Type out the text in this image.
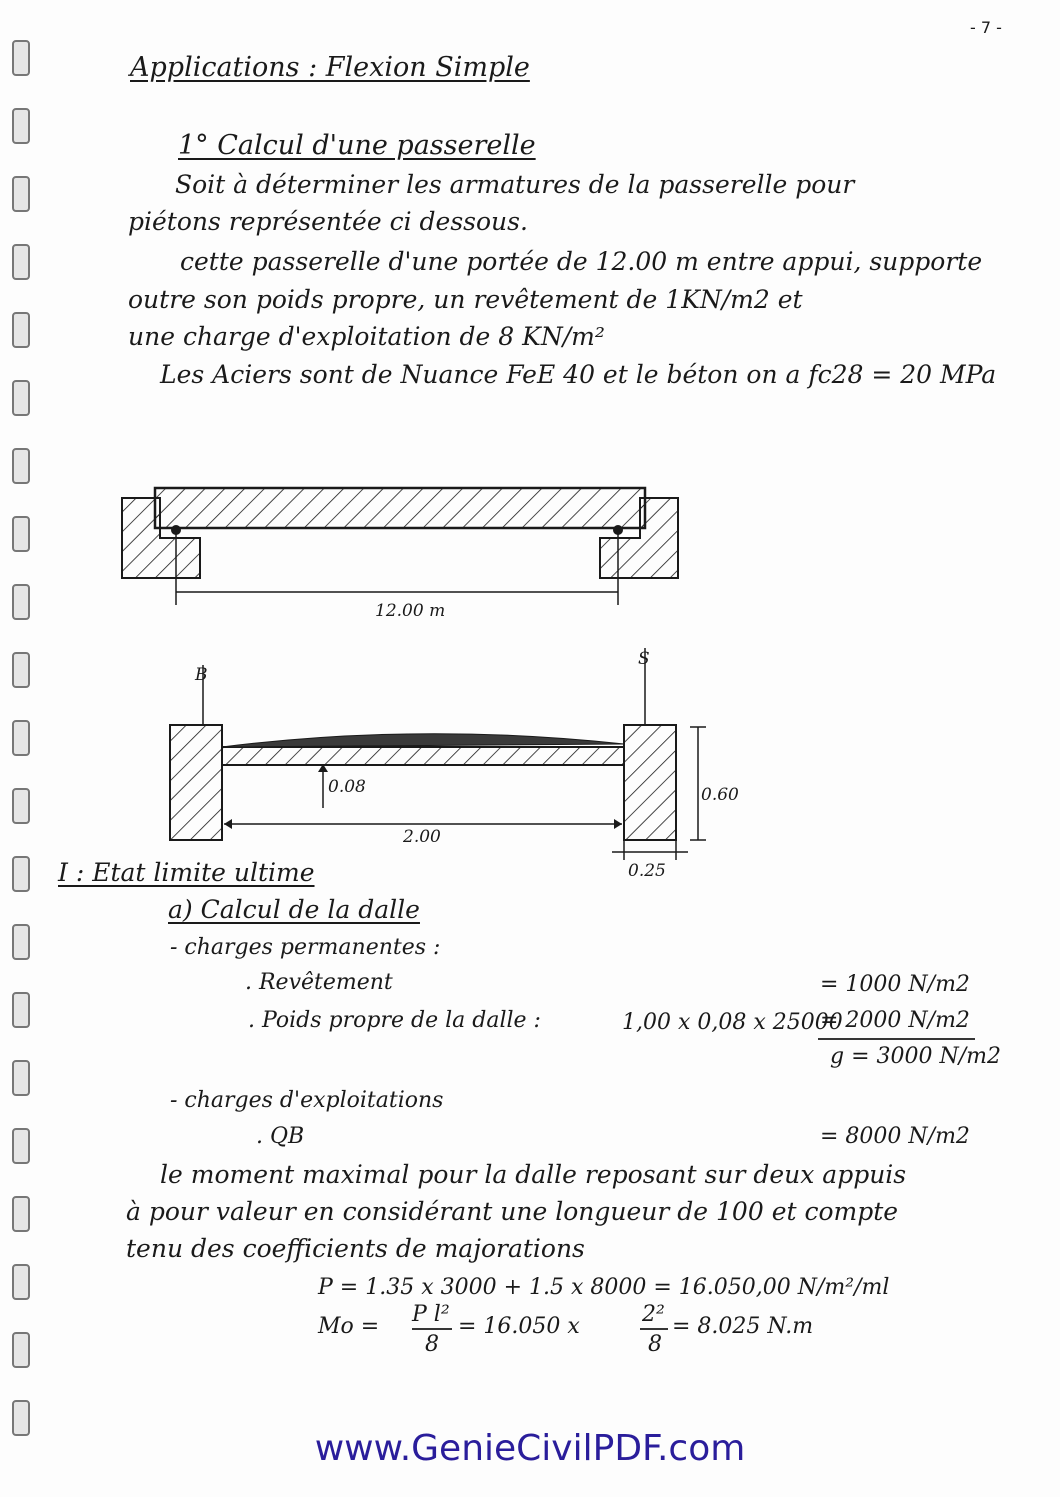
- 7 -
Applications : Flexion Simple
1° Calcul d'une passerelle
Soit à déterminer les armatures de la passerelle pour
piétons représentée ci dessous.
cette passerelle d'une portée de 12.00 m entre appui, supporte
outre son poids propre, un revêtement de 1KN/m2 et
une charge d'exploitation de 8 KN/m²
Les Aciers sont de Nuance FeE 40 et le béton on a fc28 = 20 MPa
12.00 m
B
S
0.08	0.60
2.00
0.25
I : Etat limite ultime
a) Calcul de la dalle
- charges permanentes :
. Revêtement	= 1000 N/m2
. Poids propre de la dalle :	1,00 x 0,08 x 25000
= 2000 N/m2
g = 3000 N/m2
- charges d'exploitations
. QB	= 8000 N/m2
le moment maximal pour la dalle reposant sur deux appuis
à pour valeur en considérant une longueur de 100 et compte
tenu des coefficients de majorations
P = 1.35 x 3000 + 1.5 x 8000 = 16.050,00 N/m²/ml
Mo = P l²
8
= 16.050 x	2²
8
= 8.025 N.m
www.GenieCivilPDF.com
